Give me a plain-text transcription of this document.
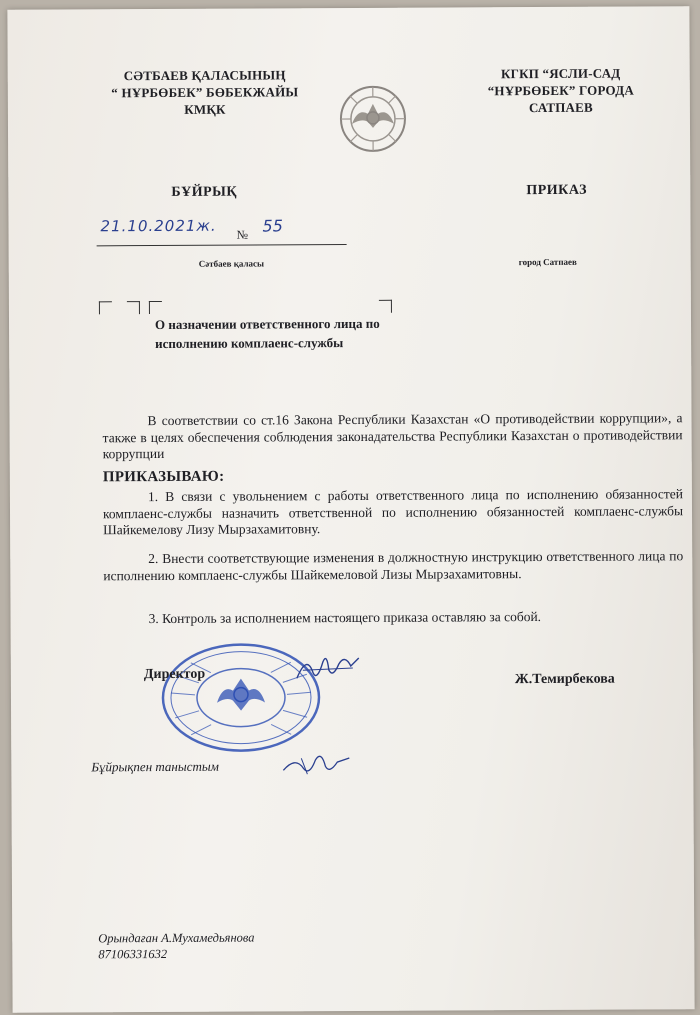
СӘТБАЕВ ҚАЛАСЫНЫҢ
“ НҰРБӨБЕК” БӨБЕКЖАЙЫ
КМҚК
КГКП “ЯСЛИ-САД
“НҰРБӨБЕК” ГОРОДА
САТПАЕВ
БҰЙРЫҚ	ПРИКАЗ
21.10.2021ж. № 55
Сәтбаев қаласы	город Сатпаев
О назначении ответственного лица по исполнению комплаенс-службы
В соответствии со ст.16 Закона Республики Казахстан «О противодействии коррупции», а также в целях обеспечения соблюдения законадательства Республики Казахстан о противодействии коррупции
ПРИКАЗЫВАЮ:
1. В связи с увольнением с работы ответственного лица по исполнению обязанностей комплаенс-службы назначить ответственной по исполнению обязанностей комплаенс-службы Шайкемелову Лизу Мырзахамитовну.
2. Внести соответствующие изменения в должностную инструкцию ответственного лица по исполнению комплаенс-службы Шайкемеловой Лизы Мырзахамитовны.
3. Контроль за исполнением настоящего приказа оставляю за собой.
Директор	Ж.Темирбекова
Бұйрықпен таныстым
Орындаған А.Мухамедьянова
87106331632
